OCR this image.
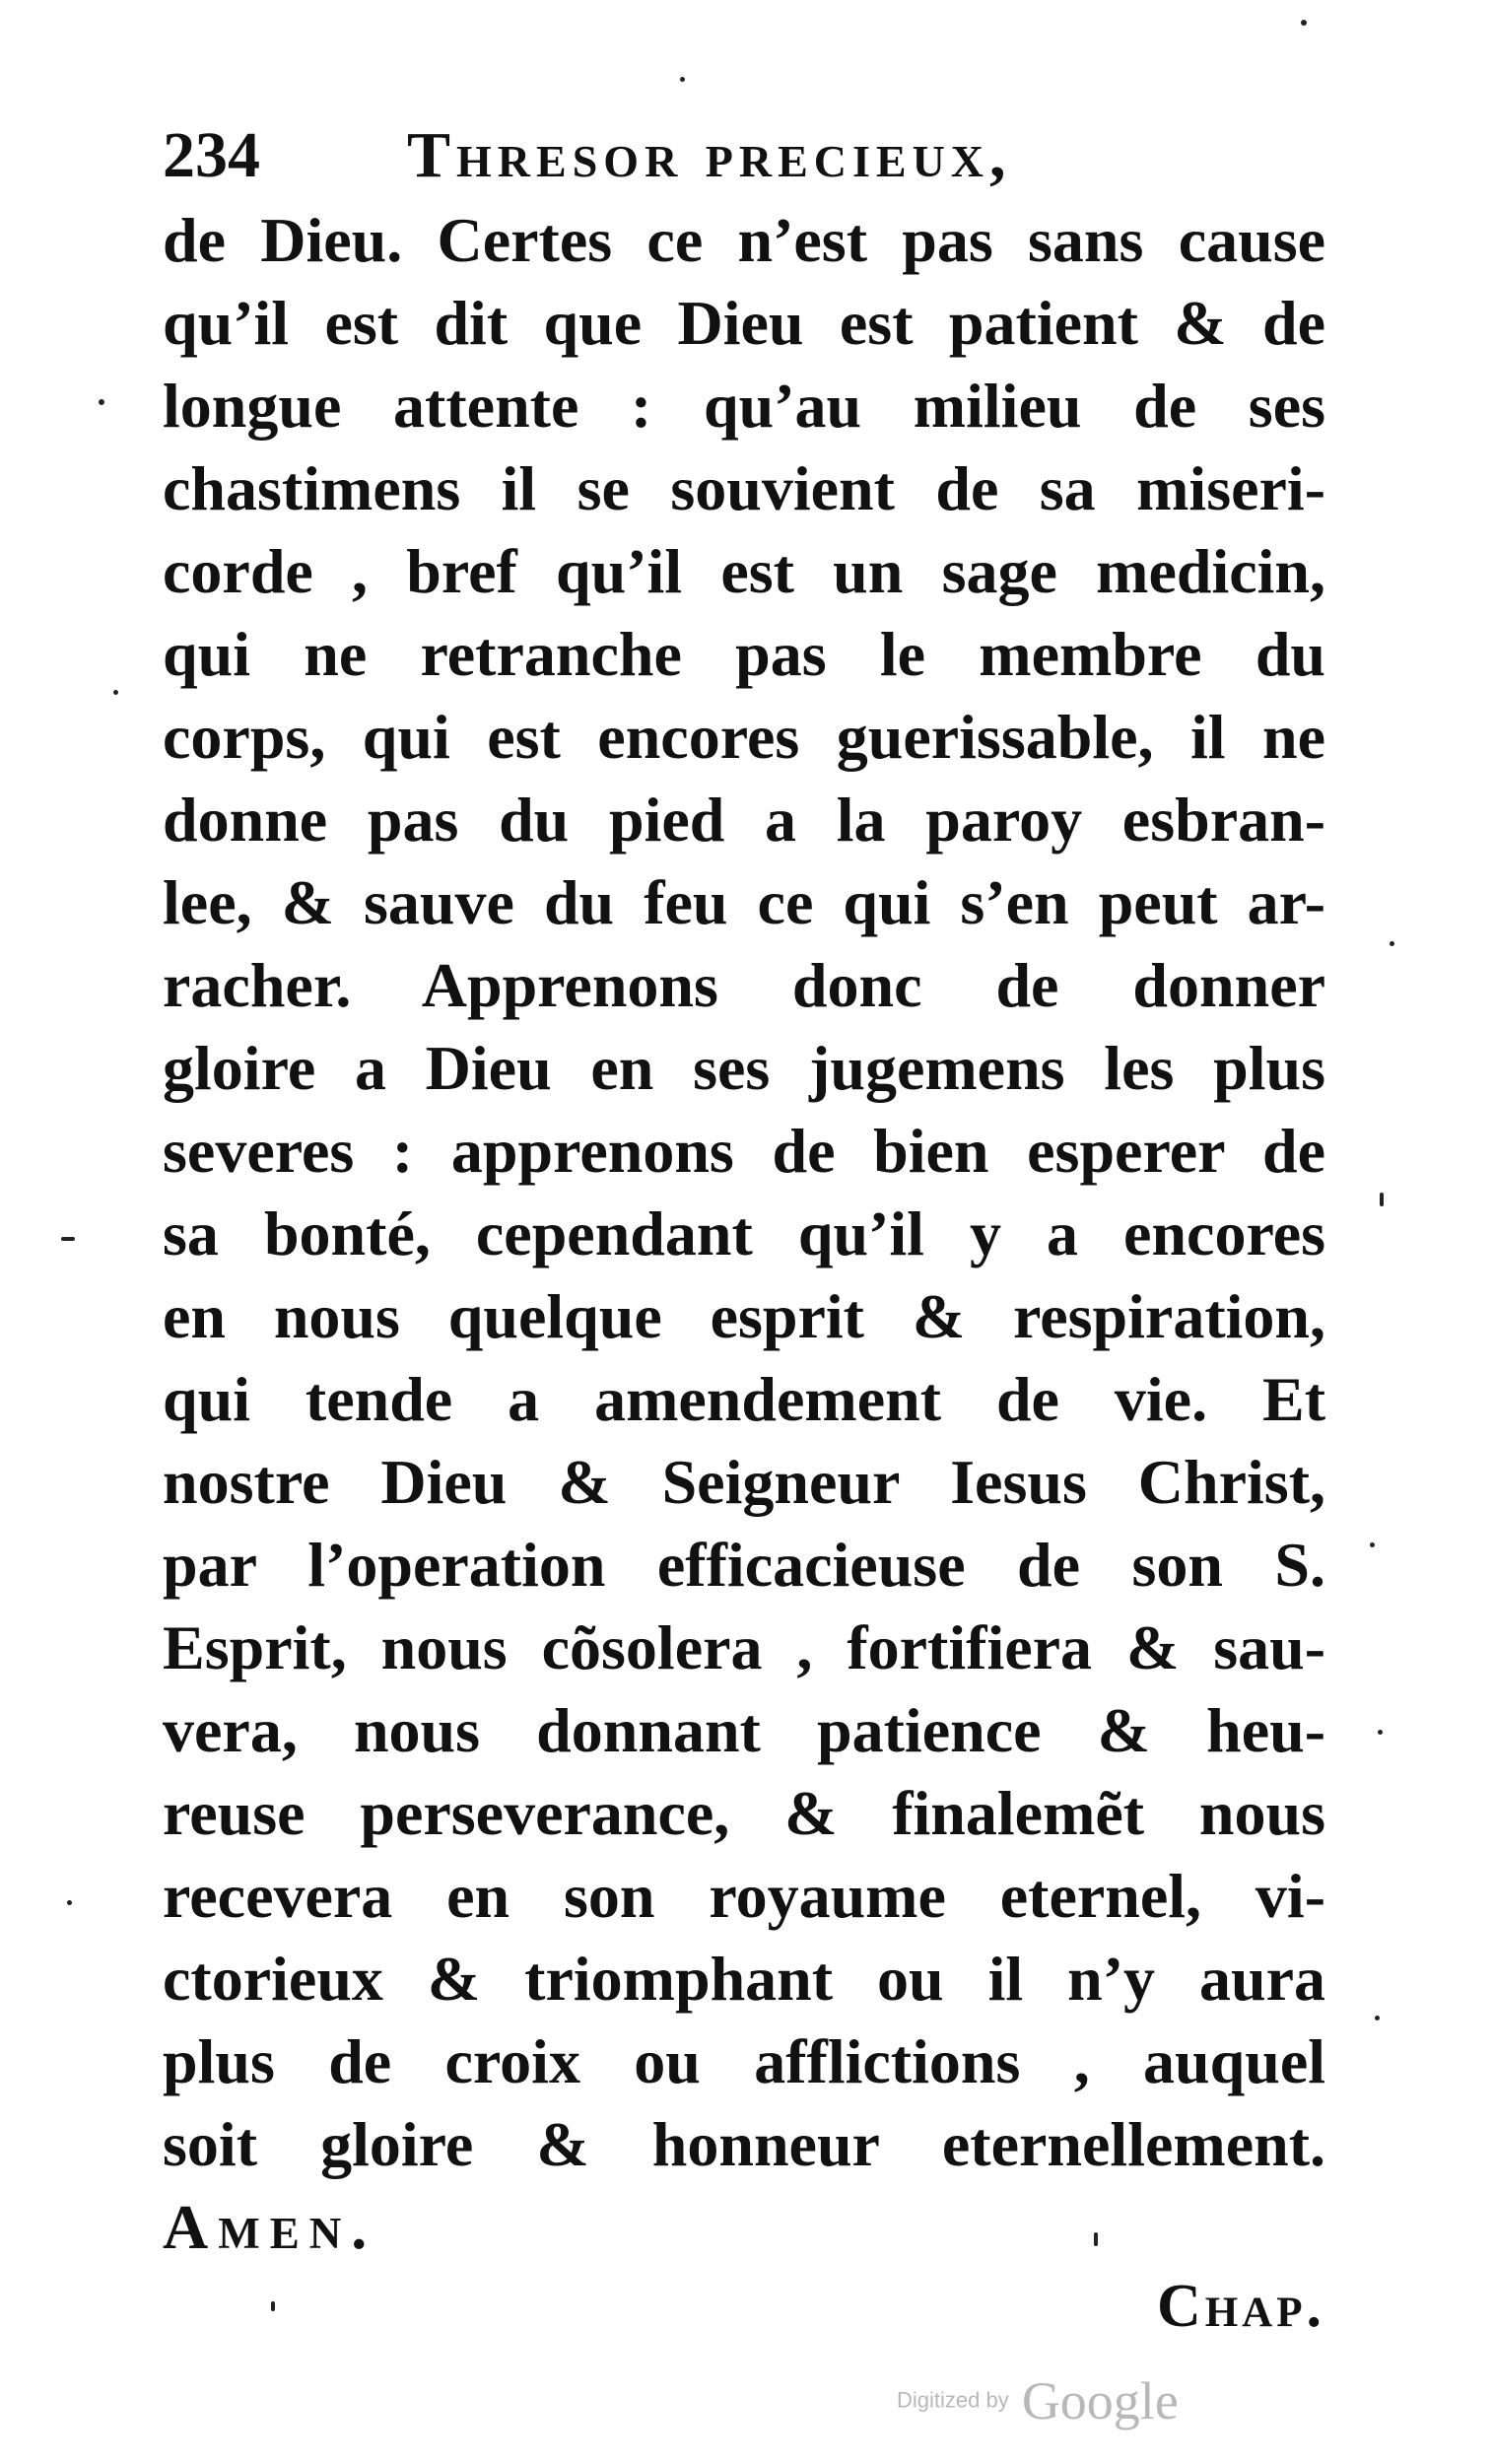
234 Thresor precieux,
de Dieu. Certes ce n’est pas sans cause
qu’il est dit que Dieu est patient & de
longue attente : qu’au milieu de ses
chastimens il se souvient de sa miseri-
corde , bref qu’il est un sage medicin,
qui ne retranche pas le membre du
corps, qui est encores guerissable, il ne
donne pas du pied a la paroy esbran-
lee, & sauve du feu ce qui s’en peut ar-
racher. Apprenons donc de donner
gloire a Dieu en ses jugemens les plus
severes : apprenons de bien esperer de
sa bonté, cependant qu’il y a encores
en nous quelque esprit & respiration,
qui tende a amendement de vie. Et
nostre Dieu & Seigneur Iesus Christ,
par l’operation efficacieuse de son S.
Esprit, nous cõsolera , fortifiera & sau-
vera, nous donnant patience & heu-
reuse perseverance, & finalemẽt nous
recevera en son royaume eternel, vi-
ctorieux & triomphant ou il n’y aura
plus de croix ou afflictions , auquel
soit gloire & honneur eternellement.
Amen.
Chap.
Digitized by Google
